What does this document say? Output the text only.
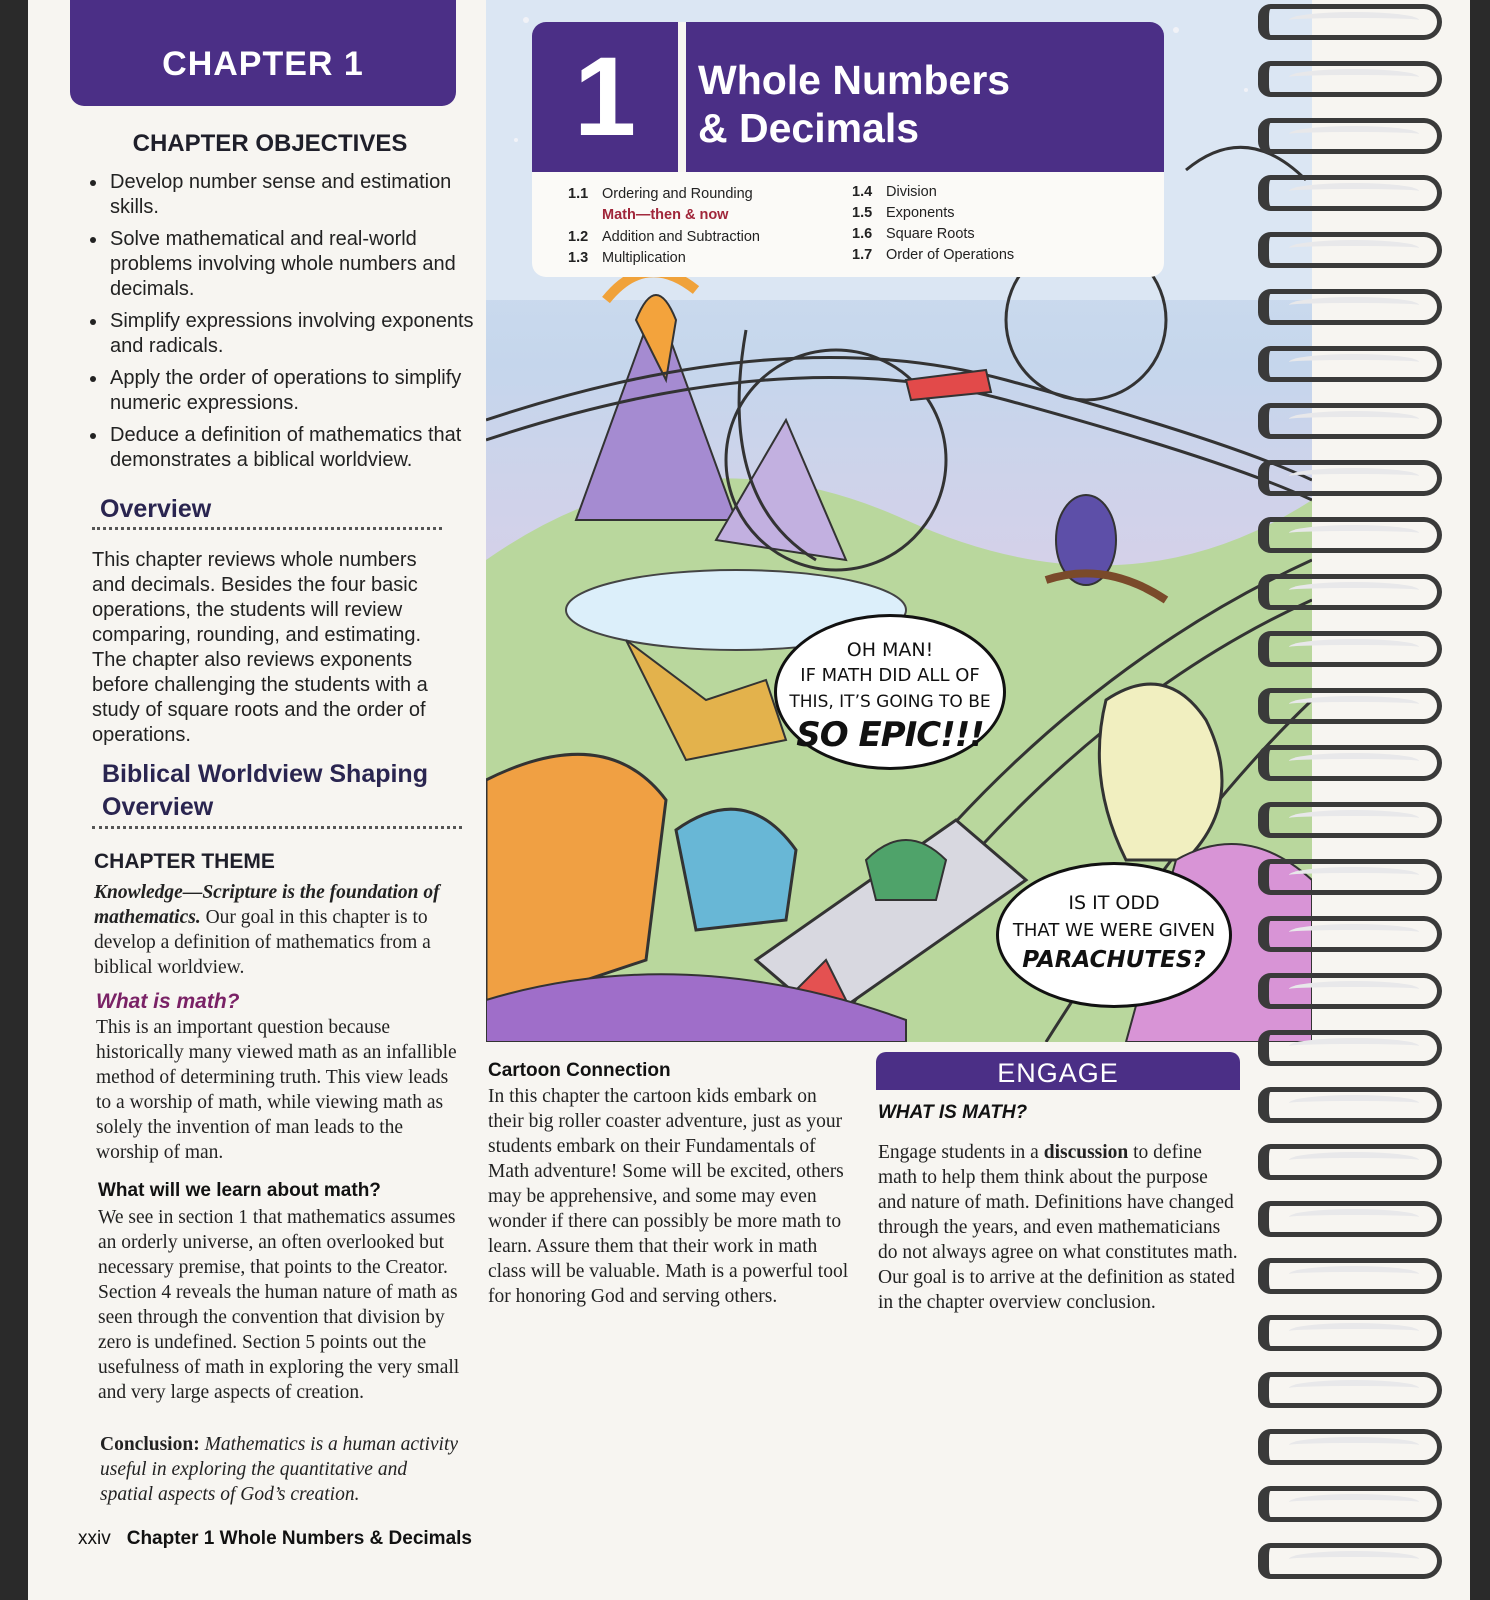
CHAPTER 1
CHAPTER OBJECTIVES
• Develop number sense and estimation skills.
• Solve mathematical and real-world problems involving whole numbers and decimals.
• Simplify expressions involving exponents and radicals.
• Apply the order of operations to simplify numeric expressions.
• Deduce a definition of mathematics that demonstrates a biblical worldview.
Overview

This chapter reviews whole numbers and decimals. Besides the four basic operations, the students will review comparing, rounding, and estimating. The chapter also reviews exponents before challenging the students with a study of square roots and the order of operations.

Biblical Worldview Shaping Overview
CHAPTER THEME

Knowledge—Scripture is the foundation of mathematics. Our goal in this chapter is to develop a definition of mathematics from a biblical worldview.

What is math?

This is an important question because historically many viewed math as an infallible method of determining truth. This view leads to a worship of math, while viewing math as solely the invention of man leads to the worship of man.

What will we learn about math?

We see in section 1 that mathematics assumes an orderly universe, an often overlooked but necessary premise, that points to the Creator. Section 4 reveals the human nature of math as seen through the convention that division by zero is undefined. Section 5 points out the usefulness of math in exploring the very small and very large aspects of creation.

Conclusion: Mathematics is a human activity useful in exploring the quantitative and spatial aspects of God’s creation.

OH MAN!
IF MATH DID ALL OF
THIS, IT’S GOING TO BE
SO EPIC!!!
IS IT ODD
THAT WE WERE GIVEN
PARACHUTES?
1	Whole Numbers
& Decimals
1.1 Ordering and Rounding
Math—then & now
1.2 Addition and Subtraction
1.3 Multiplication
1.4 Division
1.5 Exponents
1.6 Square Roots
1.7 Order of Operations
Cartoon Connection

In this chapter the cartoon kids embark on their big roller coaster adventure, just as your students embark on their Fundamentals of Math adventure! Some will be excited, others may be apprehensive, and some may even wonder if there can possibly be more math to learn. Assure them that their work in math class will be valuable. Math is a powerful tool for honoring God and serving others.

ENGAGE
WHAT IS MATH?

Engage students in a discussion to define math to help them think about the purpose and nature of math. Definitions have changed through the years, and even mathematicians do not always agree on what constitutes math. Our goal is to arrive at the definition as stated in the chapter overview conclusion.

xxiv Chapter 1 Whole Numbers & Decimals
